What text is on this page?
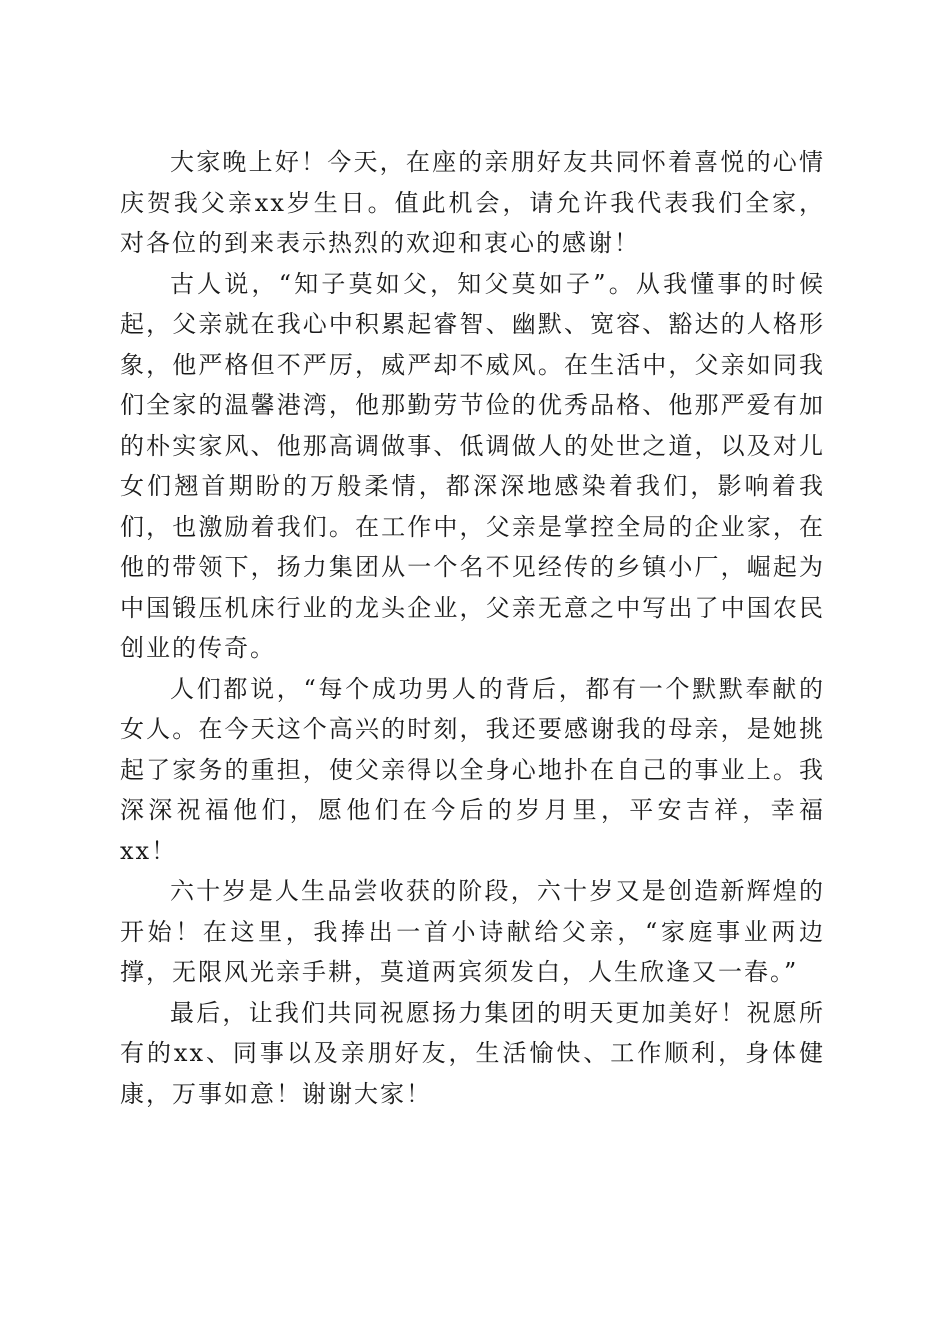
大家晚上好！今天，在座的亲朋好友共同怀着喜悦的心情庆贺我父亲xx岁生日。值此机会，请允许我代表我们全家，对各位的到来表示热烈的欢迎和衷心的感谢！

古人说，“知子莫如父，知父莫如子”。从我懂事的时候起，父亲就在我心中积累起睿智、幽默、宽容、豁达的人格形象，他严格但不严厉，威严却不威风。在生活中，父亲如同我们全家的温馨港湾，他那勤劳节俭的优秀品格、他那严爱有加的朴实家风、他那高调做事、低调做人的处世之道，以及对儿女们翘首期盼的万般柔情，都深深地感染着我们，影响着我们，也激励着我们。在工作中，父亲是掌控全局的企业家，在他的带领下，扬力集团从一个名不见经传的乡镇小厂，崛起为中国锻压机床行业的龙头企业，父亲无意之中写出了中国农民创业的传奇。

人们都说，“每个成功男人的背后，都有一个默默奉献的女人。在今天这个高兴的时刻，我还要感谢我的母亲，是她挑起了家务的重担，使父亲得以全身心地扑在自己的事业上。我深深祝福他们，愿他们在今后的岁月里，平安吉祥，幸福xx！

六十岁是人生品尝收获的阶段，六十岁又是创造新辉煌的开始！在这里，我捧出一首小诗献给父亲，“家庭事业两边撑，无限风光亲手耕，莫道两宾须发白，人生欣逢又一春。”

最后，让我们共同祝愿扬力集团的明天更加美好！祝愿所有的xx、同事以及亲朋好友，生活愉快、工作顺利，身体健康，万事如意！谢谢大家！
